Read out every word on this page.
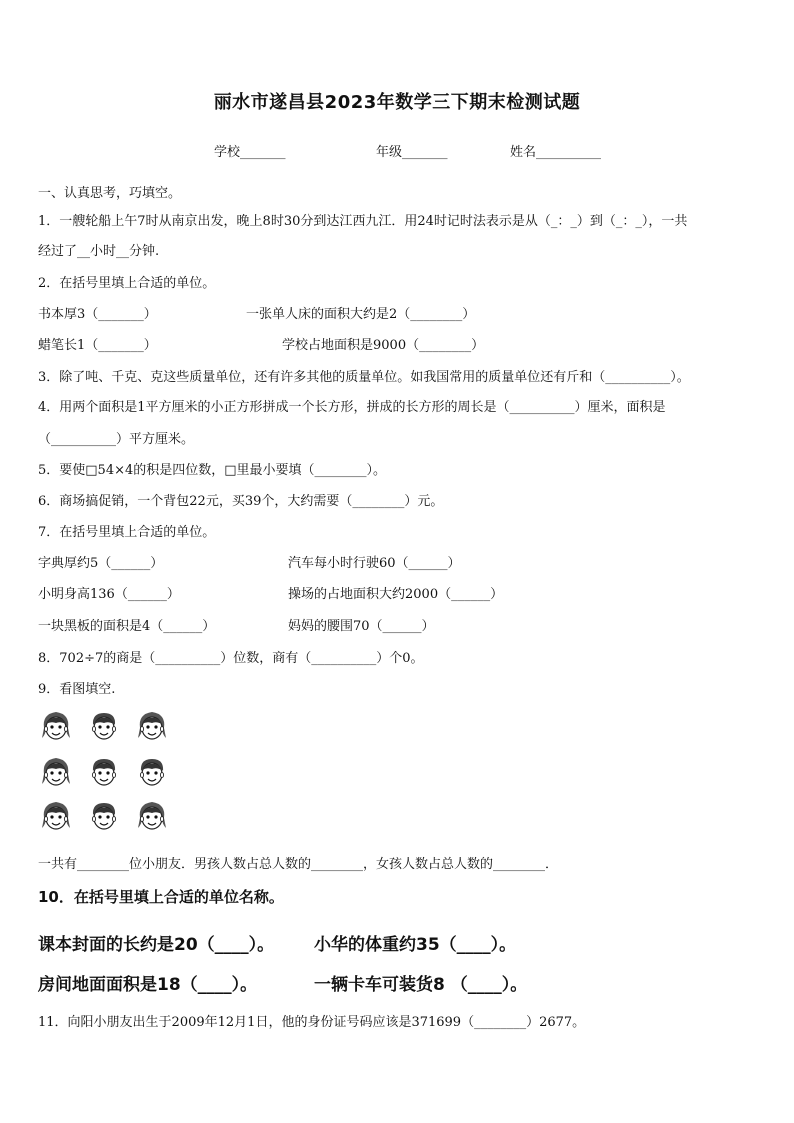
丽水市遂昌县2023年数学三下期末检测试题
学校_______	年级_______	姓名__________
一、认真思考，巧填空。
1．一艘轮船上午7时从南京出发，晚上8时30分到达江西九江．用24时记时法表示是从（_：_）到（_：_），一共
经过了__小时__分钟.
2．在括号里填上合适的单位。
书本厚3（_______）	一张单人床的面积大约是2（________）
蜡笔长1（_______）	学校占地面积是9000（________）
3．除了吨、千克、克这些质量单位，还有许多其他的质量单位。如我国常用的质量单位还有斤和（__________）。
4．用两个面积是1平方厘米的小正方形拼成一个长方形，拼成的长方形的周长是（__________）厘米，面积是
（__________）平方厘米。
5．要使□54×4的积是四位数，□里最小要填（________）。
6．商场搞促销，一个背包22元，买39个，大约需要（________）元。
7．在括号里填上合适的单位。
字典厚约5（______）	汽车每小时行驶60（______）
小明身高136（______）	操场的占地面积大约2000（______）
一块黑板的面积是4（______）	妈妈的腰围70（______）
8．702÷7的商是（__________）位数，商有（__________）个0。
9．看图填空.
一共有________位小朋友．男孩人数占总人数的________，女孩人数占总人数的________．
10．在括号里填上合适的单位名称。
课本封面的长约是20（____）。 小华的体重约35（____）。
房间地面面积是18（____）。	一辆卡车可装货8 （____）。
11．向阳小朋友出生于2009年12月1日，他的身份证号码应该是371699（________）2677。
